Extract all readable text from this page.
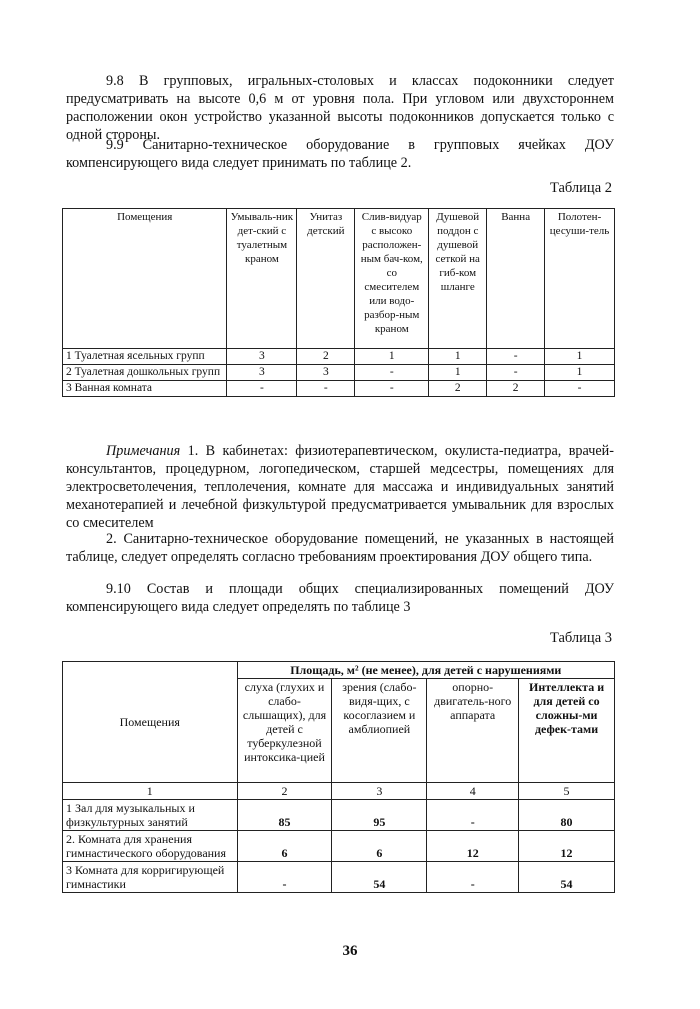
9.8 В групповых, игральных-столовых и классах подоконники следует предусматривать на высоте 0,6 м от уровня пола. При угловом или двухстороннем расположении окон устройство указанной высоты подоконников допускается только с одной стороны.

9.9 Санитарно-техническое оборудование в групповых ячейках ДОУ компенсирующего вида следует принимать по таблице 2.

Таблица 2
Помещения	Умываль-ник дет-ский с туалетным краном	Унитаз детский	Слив-видуар с высоко расположен-ным бач-ком, со смесителем или водо-разбор-ным краном	Душевой поддон с душевой сеткой на гиб-ком шланге	Ванна	Полотен-цесуши-тель
1 Туалетная ясельных групп	3	2	1	1	-	1
2 Туалетная дошкольных групп	3	3	-	1	-	1
3 Ванная комната	-	-	-	2	2	-
Примечания 1. В кабинетах: физиотерапевтическом, окулиста-педиатра, врачей-консультантов, процедурном, логопедическом, старшей медсестры, помещениях для электросветолечения, теплолечения, комнате для массажа и индивидуальных занятий механотерапией и лечебной физкультурой предусматривается умывальник для взрослых со смесителем

2. Санитарно-техническое оборудование помещений, не указанных в настоящей таблице, следует определять согласно требованиям проектирования ДОУ общего типа.

9.10 Состав и площади общих специализированных помещений ДОУ компенсирующего вида следует определять по таблице 3

Таблица 3
Помещения	Площадь, м² (не менее), для детей с нарушениями			
	слуха (глухих и слабо-слышащих), для детей с туберкулезной интоксика-цией	зрения (слабо-видя-щих, с косоглазием и амблиопией	опорно-двигатель-ного аппарата	Интеллекта и для детей со сложны-ми дефек-тами
1	2	3	4	5
1 Зал для музыкальных и физкультурных занятий	85	95	-	80
2. Комната для хранения гимнастического оборудования	6	6	12	12
3 Комната для корригирующей гимнастики	-	54	-	54
36
